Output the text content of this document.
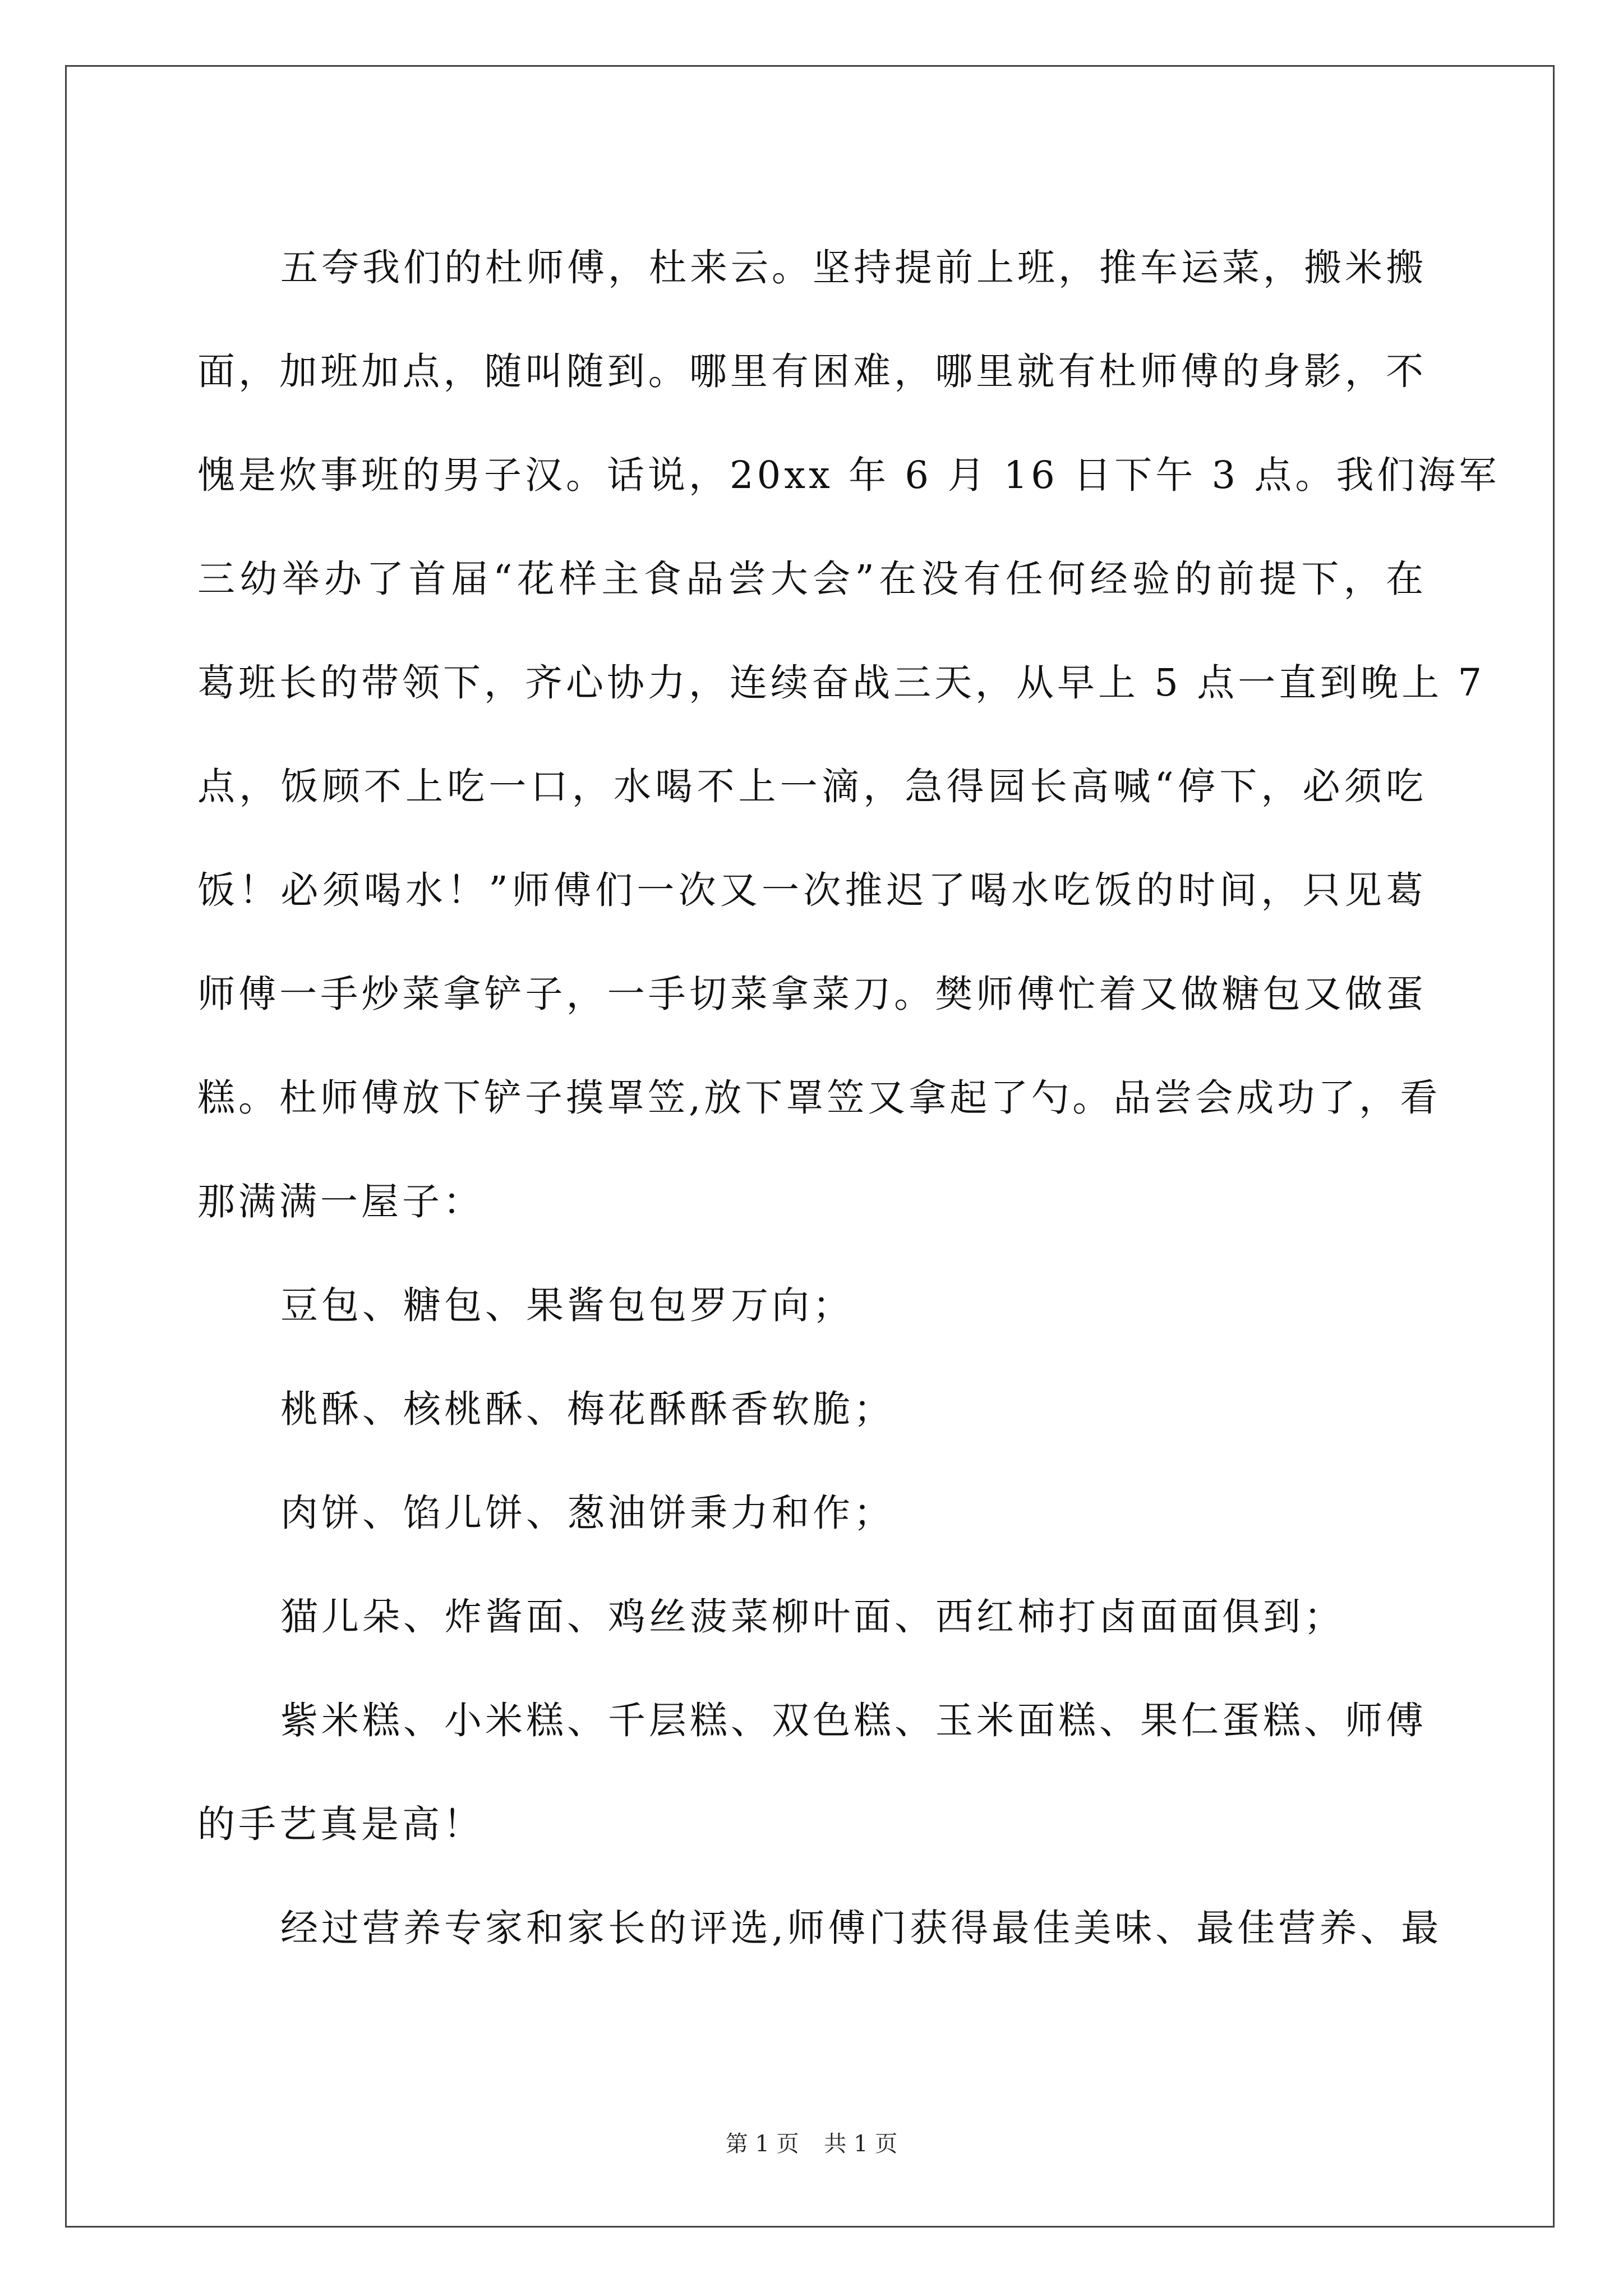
五夸我们的杜师傅，杜来云。坚持提前上班，推车运菜，搬米搬
面，加班加点，随叫随到。哪里有困难，哪里就有杜师傅的身影，不
愧是炊事班的男子汉。话说，20xx 年 6 月 16 日下午 3 点。我们海军
三幼举办了首届“花样主食品尝大会”在没有任何经验的前提下，在
葛班长的带领下，齐心协力，连续奋战三天，从早上 5 点一直到晚上 7
点，饭顾不上吃一口，水喝不上一滴，急得园长高喊“停下，必须吃
饭！必须喝水！”师傅们一次又一次推迟了喝水吃饭的时间，只见葛
师傅一手炒菜拿铲子，一手切菜拿菜刀。樊师傅忙着又做糖包又做蛋
糕。杜师傅放下铲子摸罩笠,放下罩笠又拿起了勺。品尝会成功了，看
那满满一屋子：
豆包、糖包、果酱包包罗万向；
桃酥、核桃酥、梅花酥酥香软脆；
肉饼、馅儿饼、葱油饼秉力和作；
猫儿朵、炸酱面、鸡丝菠菜柳叶面、西红柿打卤面面俱到；
紫米糕、小米糕、千层糕、双色糕、玉米面糕、果仁蛋糕、师傅
的手艺真是高！
经过营养专家和家长的评选,师傅门获得最佳美味、最佳营养、最
第 1 页 共 1 页
